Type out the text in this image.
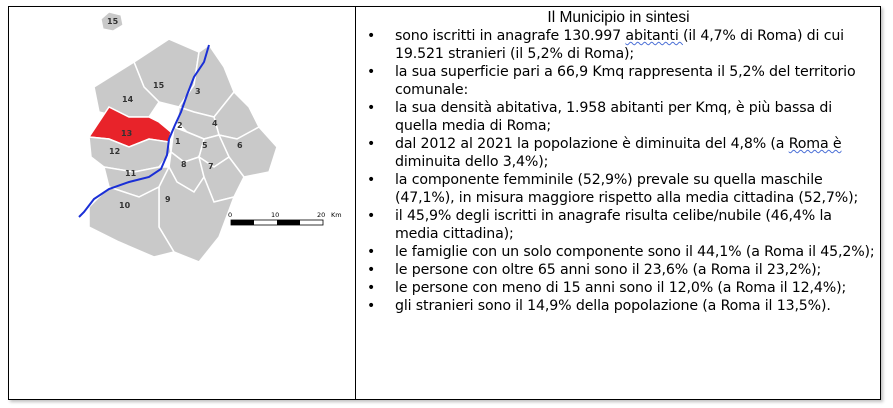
15
15
3
14
2	4
13
1	5	6
12
8	7
11
9
10
0	10	20 Km
Il Municipio in sintesi
• sono iscritti in anagrafe 130.997 abitanti (il 4,7% di Roma) di cui 19.521 stranieri (il 5,2% di Roma);
• la sua superficie pari a 66,9 Kmq rappresenta il 5,2% del territorio comunale:
• la sua densità abitativa, 1.958 abitanti per Kmq, è più bassa di quella media di Roma;
• dal 2012 al 2021 la popolazione è diminuita del 4,8% (a Roma è diminuita dello 3,4%);
• la componente femminile (52,9%) prevale su quella maschile (47,1%), in misura maggiore rispetto alla media cittadina (52,7%);
• il 45,9% degli iscritti in anagrafe risulta celibe/nubile (46,4% la media cittadina);
• le famiglie con un solo componente sono il 44,1% (a Roma il 45,2%);
• le persone con oltre 65 anni sono il 23,6% (a Roma il 23,2%);
• le persone con meno di 15 anni sono il 12,0% (a Roma il 12,4%);
• gli stranieri sono il 14,9% della popolazione (a Roma il 13,5%).
